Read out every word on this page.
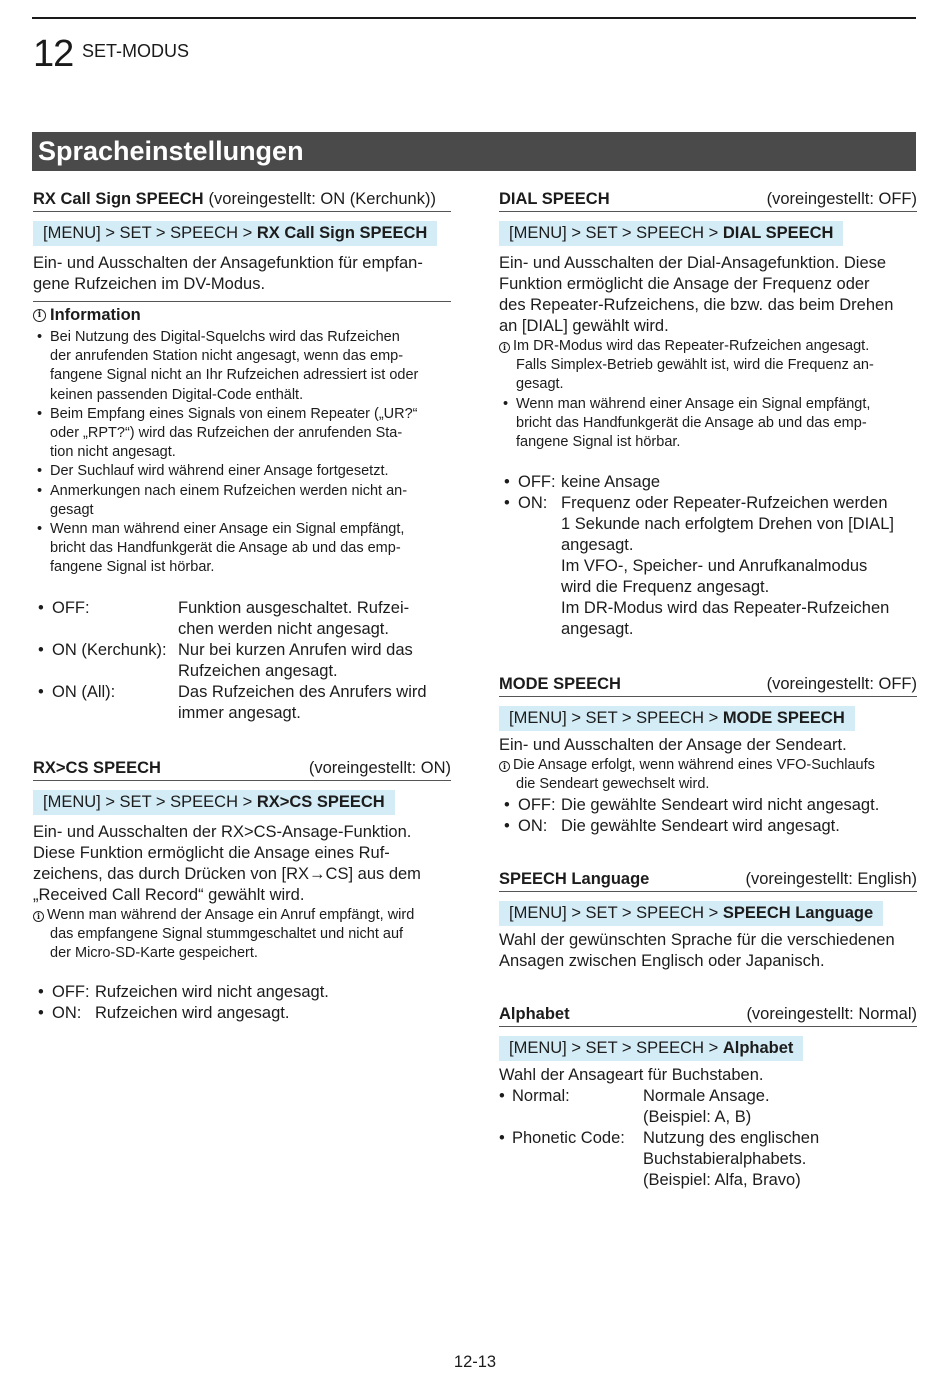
12 SET-MODUS
Spracheinstellungen
RX Call Sign SPEECH (voreingestellt: ON (Kerchunk))
[MENU] > SET > SPEECH > RX Call Sign SPEECH
Ein- und Ausschalten der Ansagefunktion für empfan-
gene Rufzeichen im DV-Modus.
i Information
• Bei Nutzung des Digital-Squelchs wird das Rufzeichen
der anrufenden Station nicht angesagt, wenn das emp-
fangene Signal nicht an Ihr Rufzeichen adressiert ist oder
keinen passenden Digital-Code enthält.
• Beim Empfang eines Signals von einem Repeater („UR?“
oder „RPT?“) wird das Rufzeichen der anrufenden Sta-
tion nicht angesagt.
• Der Suchlauf wird während einer Ansage fortgesetzt.
• Anmerkungen nach einem Rufzeichen werden nicht an-
gesagt
• Wenn man während einer Ansage ein Signal empfängt,
bricht das Handfunkgerät die Ansage ab und das emp-
fangene Signal ist hörbar.
• OFF:	Funktion ausgeschaltet. Rufzei-
chen werden nicht angesagt.
• ON (Kerchunk): Nur bei kurzen Anrufen wird das
Rufzeichen angesagt.
• ON (All):	Das Rufzeichen des Anrufers wird
immer angesagt.
RX>CS SPEECH	(voreingestellt: ON)
[MENU] > SET > SPEECH > RX>CS SPEECH
Ein- und Ausschalten der RX>CS-Ansage-Funktion.
Diese Funktion ermöglicht die Ansage eines Ruf-
zeichens, das durch Drücken von [RX→CS] aus dem
„Received Call Record“ gewählt wird.
i Wenn man während der Ansage ein Anruf empfängt, wird
das empfangene Signal stummgeschaltet und nicht auf
der Micro-SD-Karte gespeichert.
• OFF: Rufzeichen wird nicht angesagt.
• ON: Rufzeichen wird angesagt.
DIAL SPEECH	(voreingestellt: OFF)
[MENU] > SET > SPEECH > DIAL SPEECH
Ein- und Ausschalten der Dial-Ansagefunktion. Diese
Funktion ermöglicht die Ansage der Frequenz oder
des Repeater-Rufzeichens, die bzw. das beim Drehen
an [DIAL] gewählt wird.
i Im DR-Modus wird das Repeater-Rufzeichen angesagt.
Falls Simplex-Betrieb gewählt ist, wird die Frequenz an-
gesagt.
• Wenn man während einer Ansage ein Signal empfängt,
bricht das Handfunkgerät die Ansage ab und das emp-
fangene Signal ist hörbar.
• OFF: keine Ansage
• ON: Frequenz oder Repeater-Rufzeichen werden
1 Sekunde nach erfolgtem Drehen von [DIAL]
angesagt.
Im VFO-, Speicher- und Anrufkanalmodus
wird die Frequenz angesagt.
Im DR-Modus wird das Repeater-Rufzeichen
angesagt.
MODE SPEECH	(voreingestellt: OFF)
[MENU] > SET > SPEECH > MODE SPEECH
Ein- und Ausschalten der Ansage der Sendeart.
i Die Ansage erfolgt, wenn während eines VFO-Suchlaufs
die Sendeart gewechselt wird.
• OFF: Die gewählte Sendeart wird nicht angesagt.
• ON: Die gewählte Sendeart wird angesagt.
SPEECH Language	(voreingestellt: English)
[MENU] > SET > SPEECH > SPEECH Language
Wahl der gewünschten Sprache für die verschiedenen
Ansagen zwischen Englisch oder Japanisch.
Alphabet	(voreingestellt: Normal)
[MENU] > SET > SPEECH > Alphabet
Wahl der Ansageart für Buchstaben.
• Normal:	Normale Ansage.
(Beispiel: A, B)
• Phonetic Code:	Nutzung des englischen
Buchstabieralphabets.
(Beispiel: Alfa, Bravo)
12-13
